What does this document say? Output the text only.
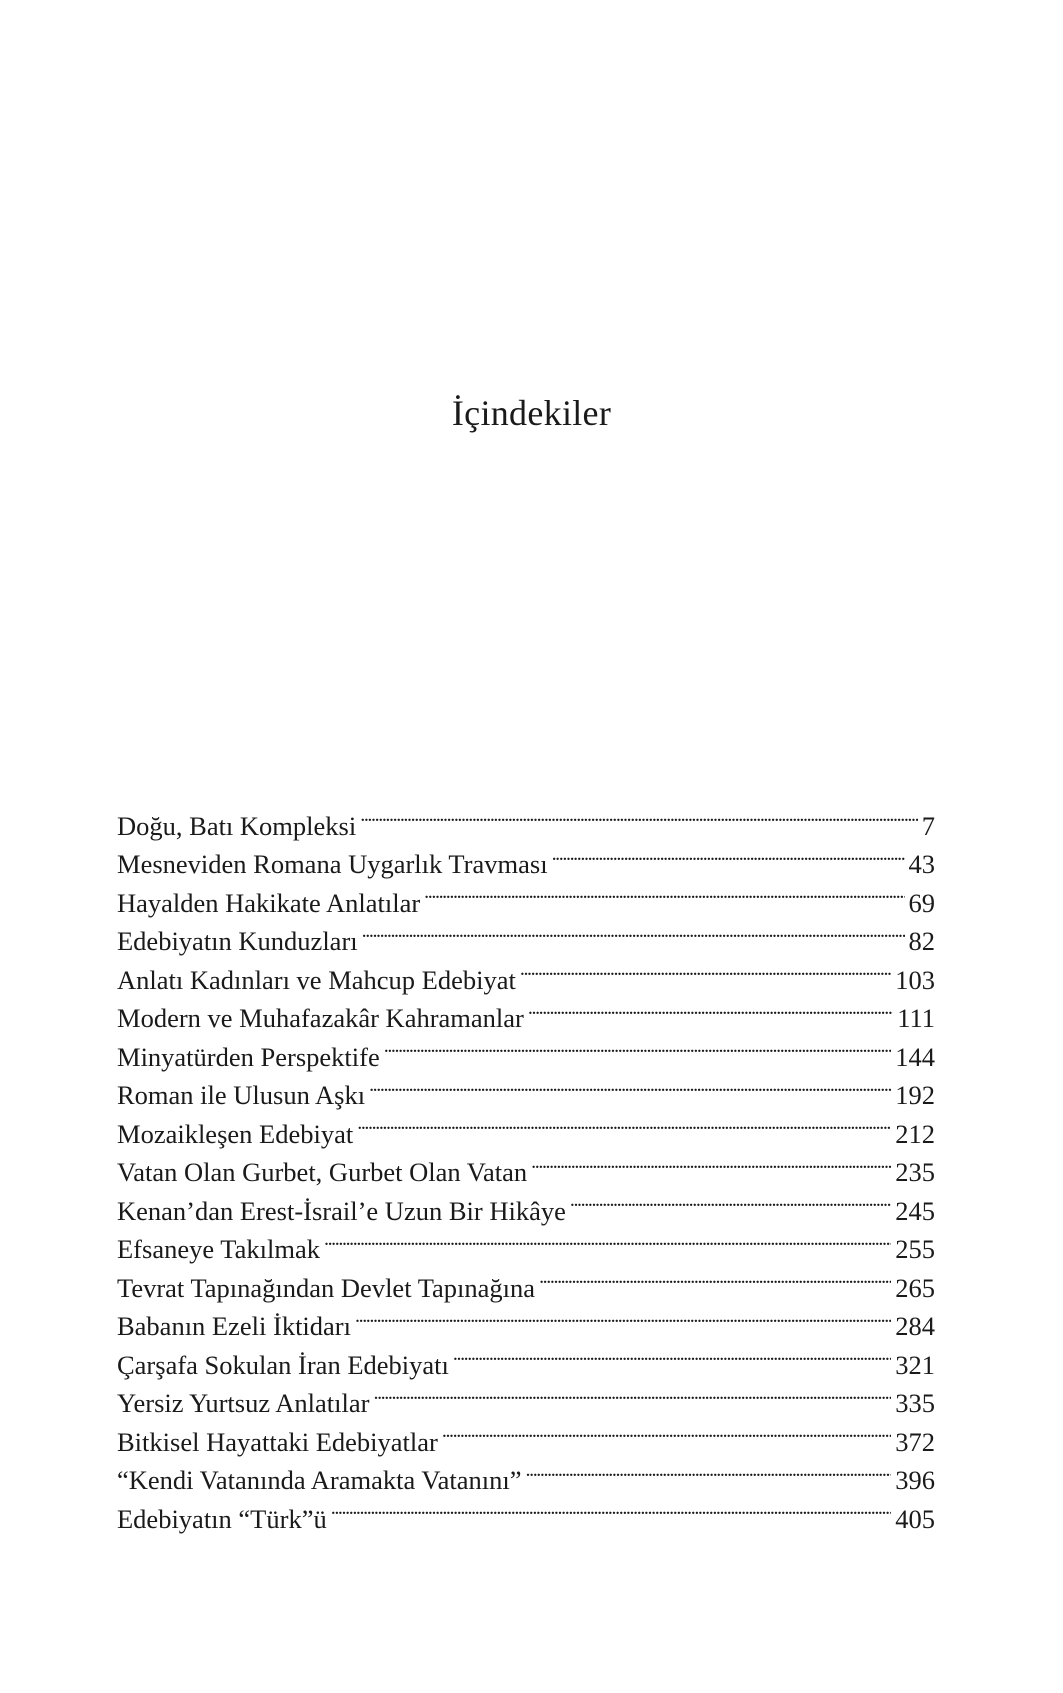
İçindekiler
Doğu, Batı Kompleksi . . .	7
Mesneviden Romana Uygarlık Travması . . .	43
Hayalden Hakikate Anlatılar . . .	69
Edebiyatın Kunduzları . . .	82
Anlatı Kadınları ve Mahcup Edebiyat . . .	103
Modern ve Muhafazakâr Kahramanlar . . .	111
Minyatürden Perspektife . . .	144
Roman ile Ulusun Aşkı . . .	192
Mozaikleşen Edebiyat . . .	212
Vatan Olan Gurbet, Gurbet Olan Vatan . . .	235
Kenan’dan Erest-İsrail’e Uzun Bir Hikâye . . .	245
Efsaneye Takılmak . . .	255
Tevrat Tapınağından Devlet Tapınağına . . .	265
Babanın Ezeli İktidarı . . .	284
Çarşafa Sokulan İran Edebiyatı . . .	321
Yersiz Yurtsuz Anlatılar . . .	335
Bitkisel Hayattaki Edebiyatlar . . .	372
“Kendi Vatanında Aramakta Vatanını” . . .	396
Edebiyatın “Türk”ü . . .	405
